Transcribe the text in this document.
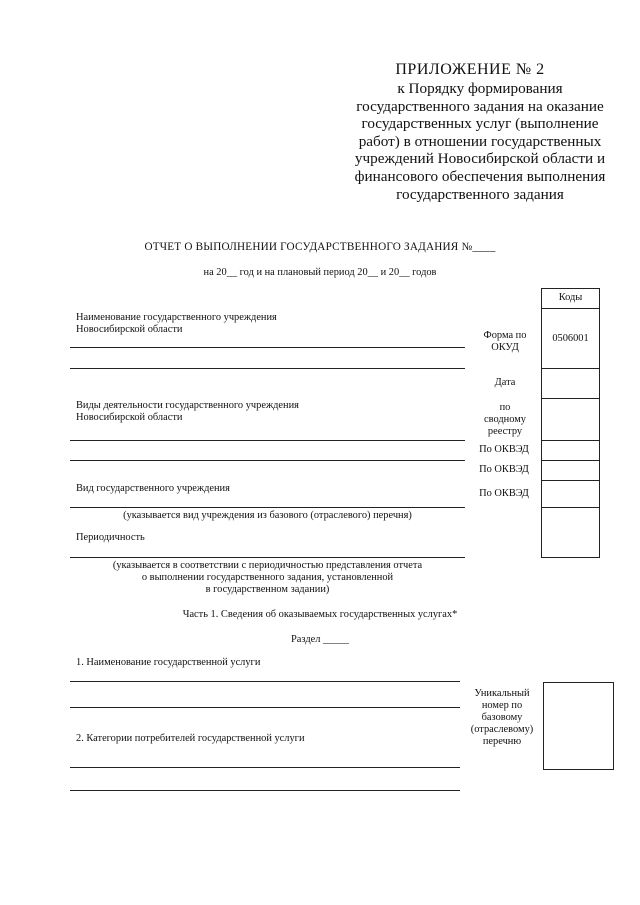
ПРИЛОЖЕНИЕ № 2
к Порядку формирования
государственного задания на оказание
государственных услуг (выполнение
работ) в отношении государственных
учреждений Новосибирской области и
финансового обеспечения выполнения
государственного задания
ОТЧЕТ О ВЫПОЛНЕНИИ ГОСУДАРСТВЕННОГО ЗАДАНИЯ №____
на 20__ год и на плановый период 20__ и 20__ годов
Коды
0506001
Форма по
ОКУД
Дата
по
сводному
реестру
По ОКВЭД
По ОКВЭД
По ОКВЭД
Наименование государственного учреждения
Новосибирской области
Виды деятельности государственного учреждения
Новосибирской области
Вид государственного учреждения
(указывается вид учреждения из базового (отраслевого) перечня)
Периодичность
(указывается в соответствии с периодичностью представления отчета
о выполнении государственного задания, установленной
в государственном задании)
Часть 1. Сведения об оказываемых государственных услугах*
Раздел _____
1. Наименование государственной услуги
2. Категории потребителей государственной услуги
Уникальный
номер по
базовому
(отраслевому)
перечню
